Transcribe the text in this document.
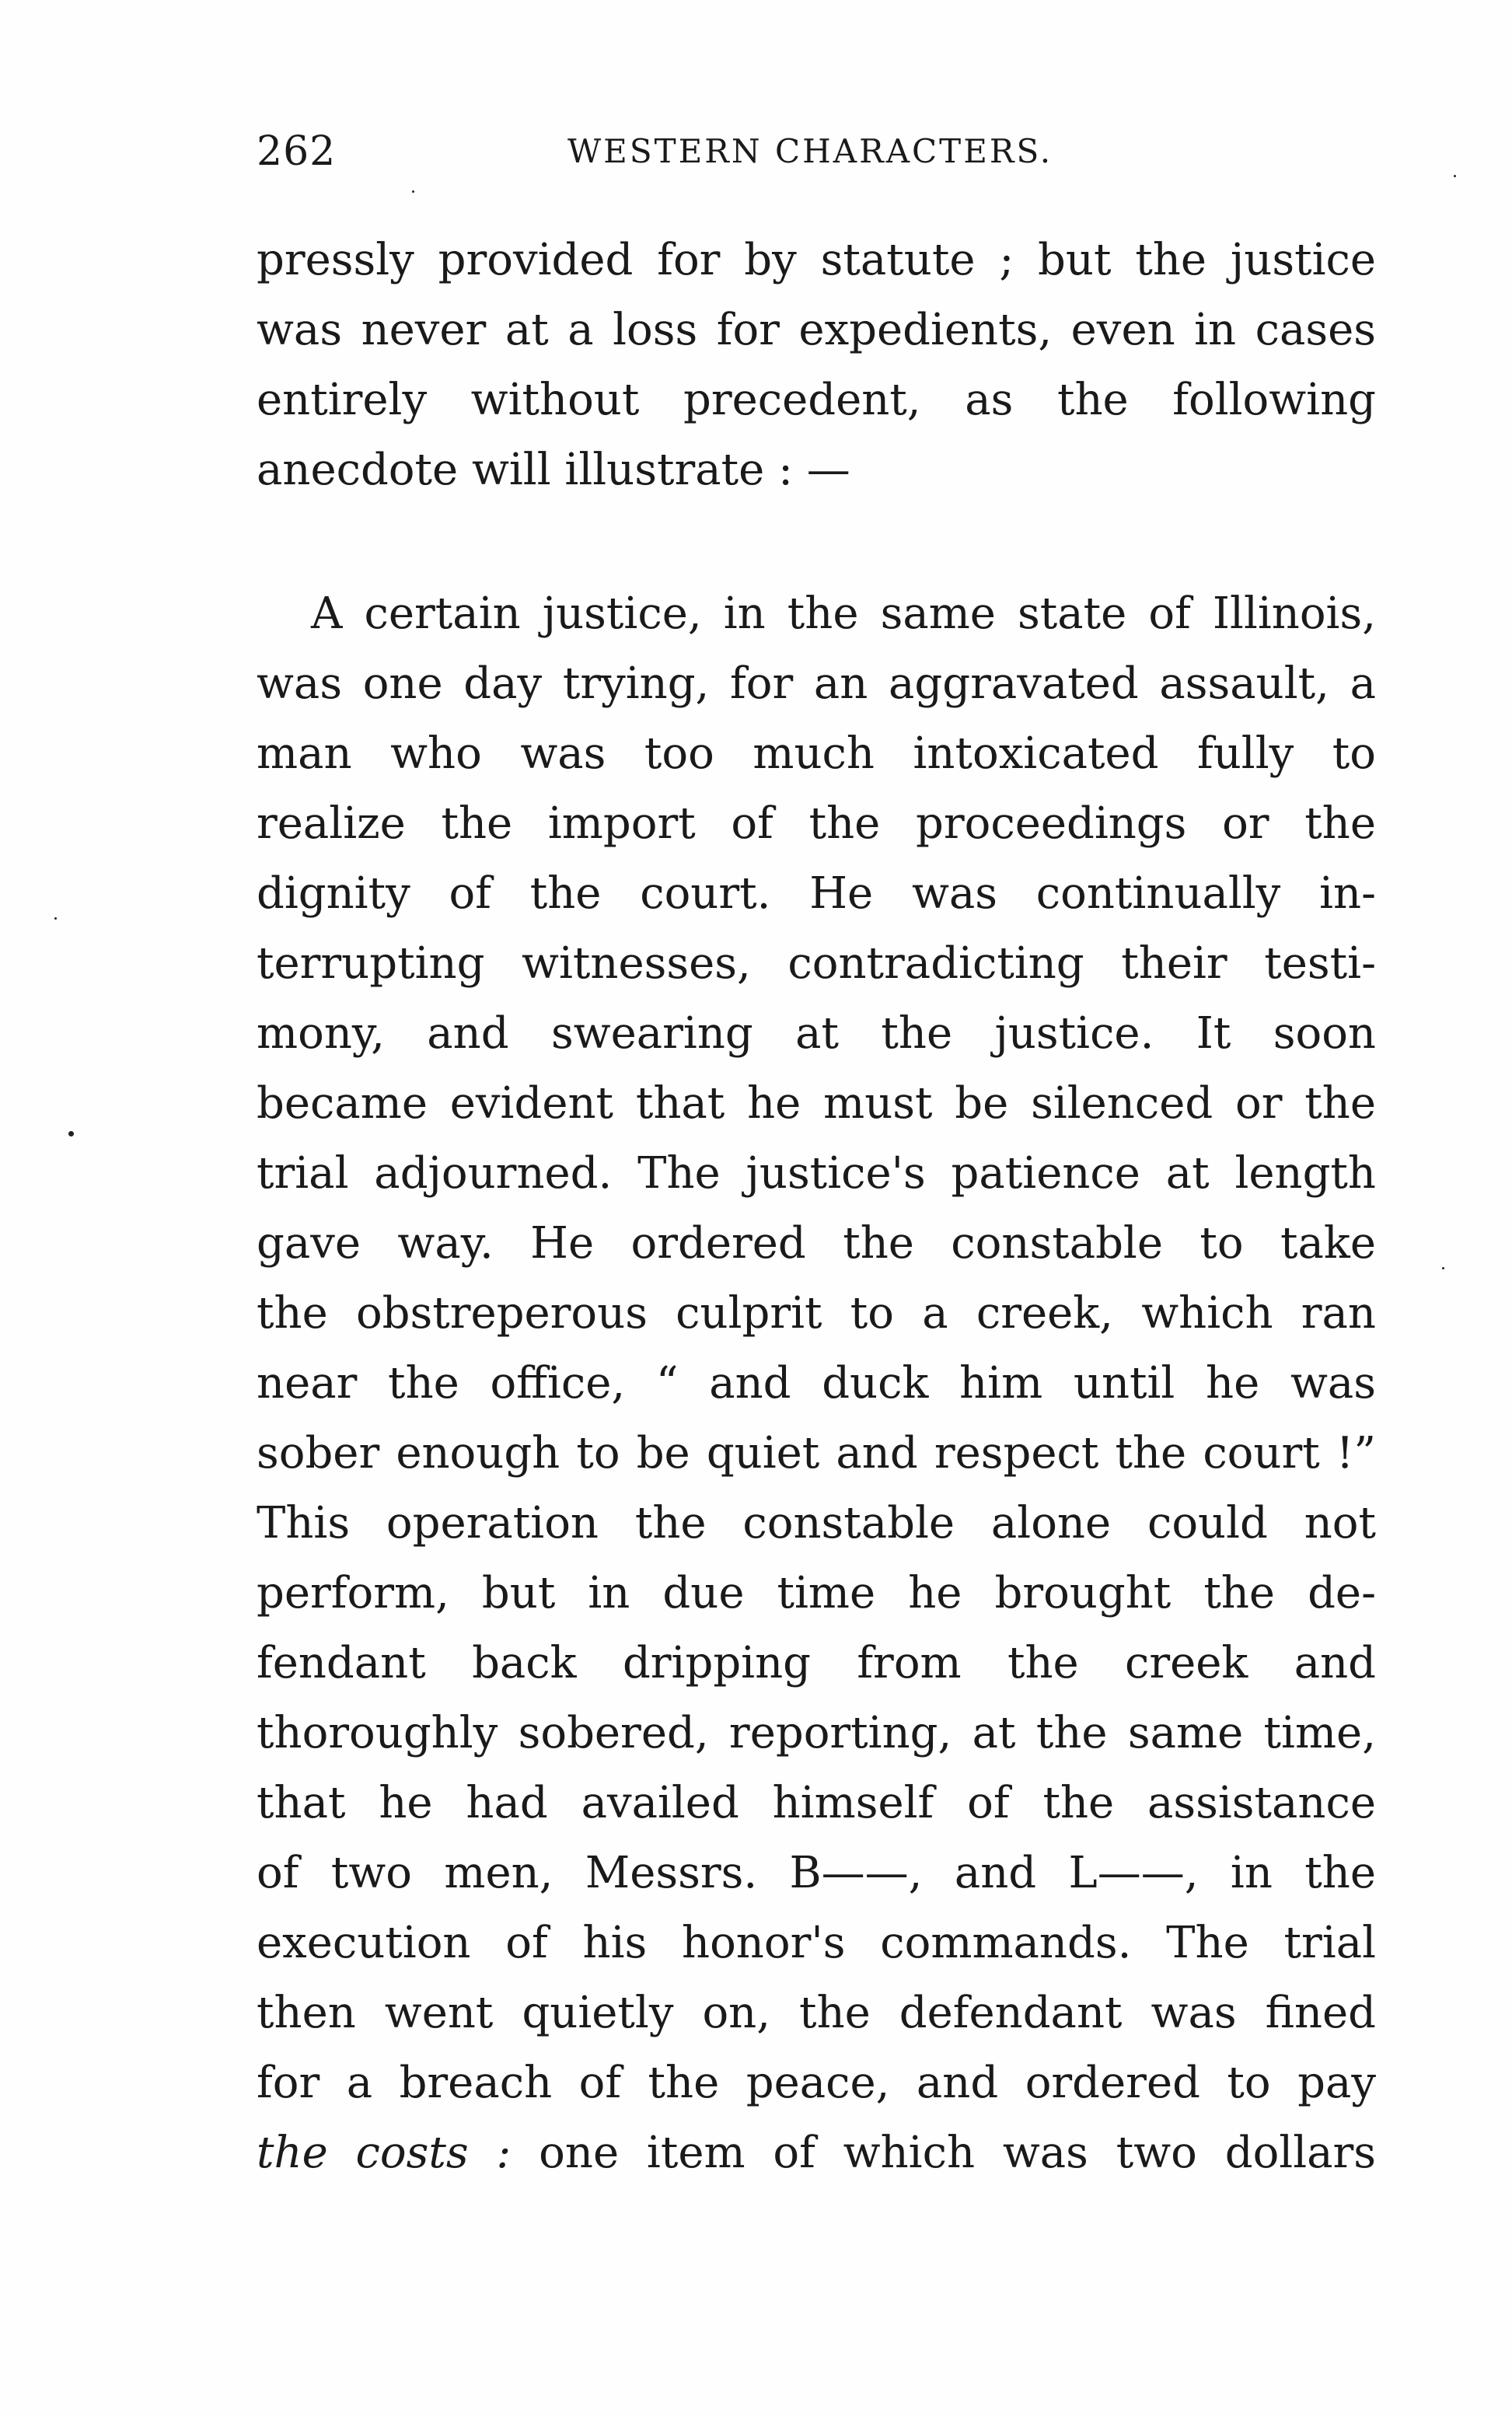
262	WESTERN CHARACTERS.
pressly provided for by statute ; but the justice
was never at a loss for expedients, even in cases
entirely without precedent, as the following
anecdote will illustrate : —
A certain justice, in the same state of Illinois,
was one day trying, for an aggravated assault, a
man who was too much intoxicated fully to
realize the import of the proceedings or the
dignity of the court. He was continually in-
terrupting witnesses, contradicting their testi-
mony, and swearing at the justice. It soon
became evident that he must be silenced or the
trial adjourned. The justice's patience at length
gave way. He ordered the constable to take
the obstreperous culprit to a creek, which ran
near the office, “ and duck him until he was
sober enough to be quiet and respect the court !”
This operation the constable alone could not
perform, but in due time he brought the de-
fendant back dripping from the creek and
thoroughly sobered, reporting, at the same time,
that he had availed himself of the assistance
of two men, Messrs. B——, and L——, in the
execution of his honor's commands. The trial
then went quietly on, the defendant was fined
for a breach of the peace, and ordered to pay
the costs : one item of which was two dollars
